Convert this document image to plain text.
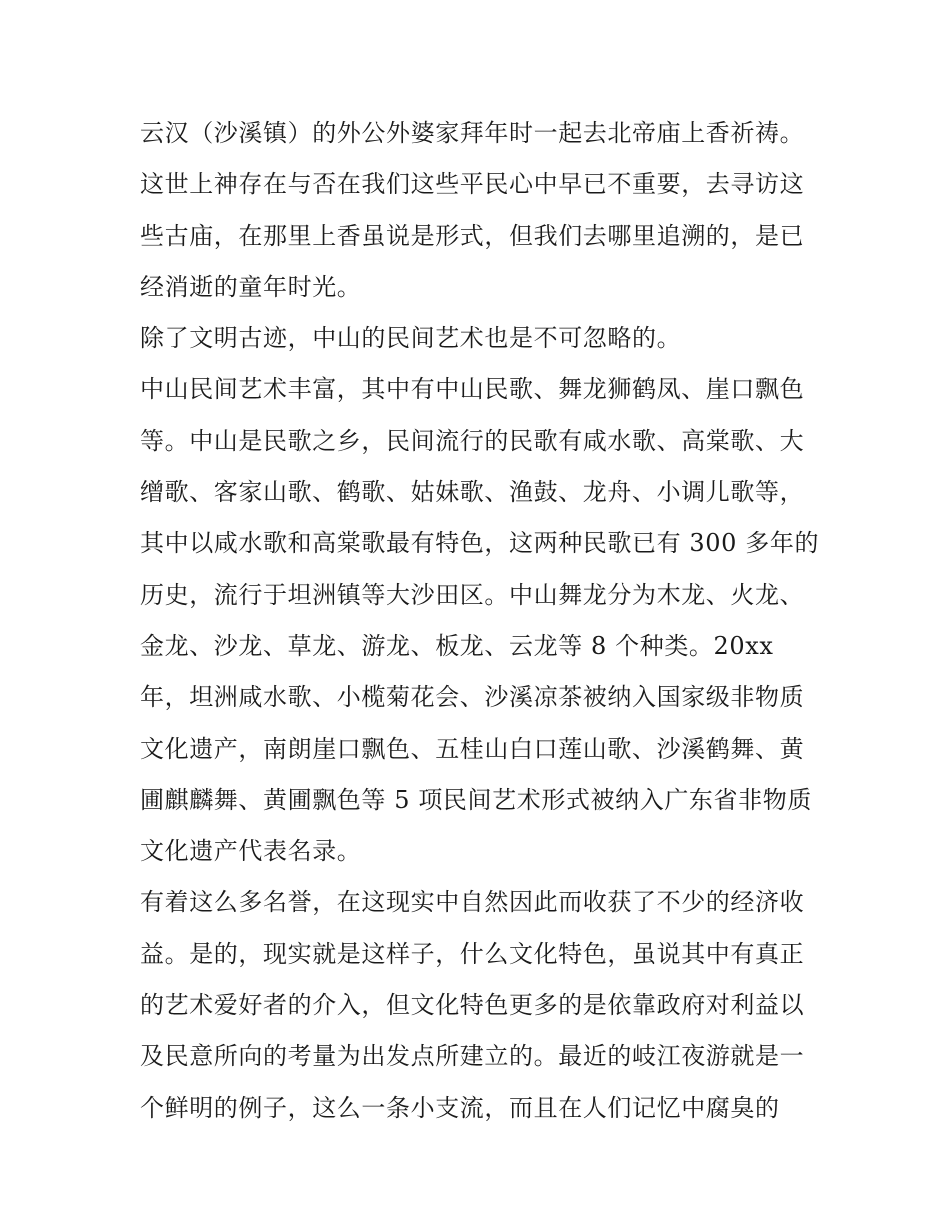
云汉（沙溪镇）的外公外婆家拜年时一起去北帝庙上香祈祷。
这世上神存在与否在我们这些平民心中早已不重要，去寻访这
些古庙，在那里上香虽说是形式，但我们去哪里追溯的，是已
经消逝的童年时光。
除了文明古迹，中山的民间艺术也是不可忽略的。
中山民间艺术丰富，其中有中山民歌、舞龙狮鹤凤、崖口飘色
等。中山是民歌之乡，民间流行的民歌有咸水歌、高棠歌、大
缯歌、客家山歌、鹤歌、姑妹歌、渔鼓、龙舟、小调儿歌等，
其中以咸水歌和高棠歌最有特色，这两种民歌已有 300 多年的
历史，流行于坦洲镇等大沙田区。中山舞龙分为木龙、火龙、
金龙、沙龙、草龙、游龙、板龙、云龙等 8 个种类。20xx
年，坦洲咸水歌、小榄菊花会、沙溪凉茶被纳入国家级非物质
文化遗产，南朗崖口飘色、五桂山白口莲山歌、沙溪鹤舞、黄
圃麒麟舞、黄圃飘色等 5 项民间艺术形式被纳入广东省非物质
文化遗产代表名录。
有着这么多名誉，在这现实中自然因此而收获了不少的经济收
益。是的，现实就是这样子，什么文化特色，虽说其中有真正
的艺术爱好者的介入，但文化特色更多的是依靠政府对利益以
及民意所向的考量为出发点所建立的。最近的岐江夜游就是一
个鲜明的例子，这么一条小支流，而且在人们记忆中腐臭的
